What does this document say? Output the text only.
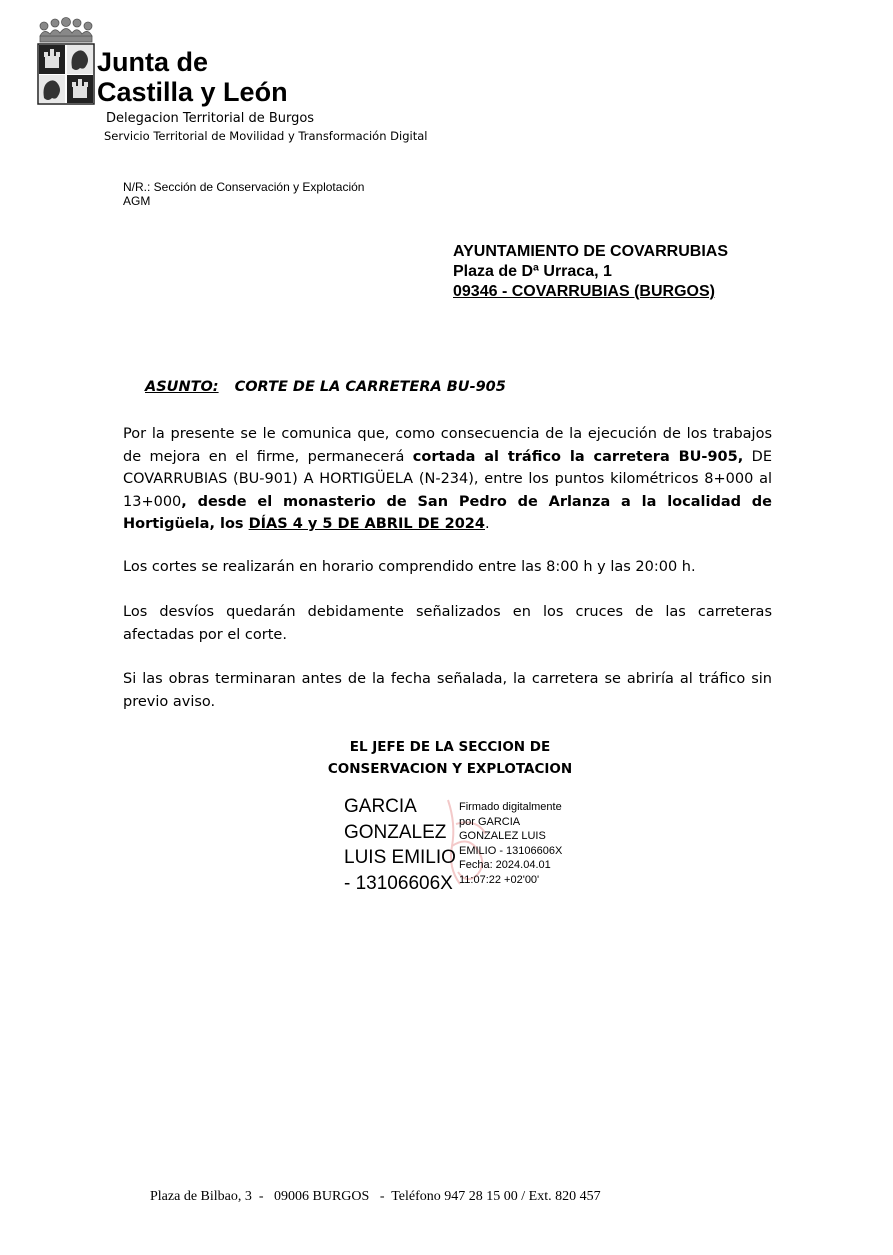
Junta de
Castilla y León
Delegacion Territorial de Burgos
Servicio Territorial de Movilidad y Transformación Digital
N/R.: Sección de Conservación y Explotación
AGM
AYUNTAMIENTO DE COVARRUBIAS
Plaza de Dª Urraca, 1
09346 - COVARRUBIAS (BURGOS)
ASUNTO: CORTE DE LA CARRETERA BU-905
Por la presente se le comunica que, como consecuencia de la ejecución de los trabajos de mejora en el firme, permanecerá cortada al tráfico la carretera BU-905, DE COVARRUBIAS (BU-901) A HORTIGÜELA (N-234), entre los puntos kilométricos 8+000 al 13+000, desde el monasterio de San Pedro de Arlanza a la localidad de Hortigüela, los DÍAS 4 y 5 DE ABRIL DE 2024.
Los cortes se realizarán en horario comprendido entre las 8:00 h y las 20:00 h.
Los desvíos quedarán debidamente señalizados en los cruces de las carreteras afectadas por el corte.
Si las obras terminaran antes de la fecha señalada, la carretera se abriría al tráfico sin previo aviso.
EL JEFE DE LA SECCION DE
CONSERVACION Y EXPLOTACION
GARCIA
GONZALEZ
LUIS EMILIO
- 13106606X
Firmado digitalmente
por GARCIA
GONZALEZ LUIS
EMILIO - 13106606X
Fecha: 2024.04.01
11:07:22 +02'00'
Plaza de Bilbao, 3  -   09006 BURGOS   -  Teléfono 947 28 15 00 / Ext. 820 457
